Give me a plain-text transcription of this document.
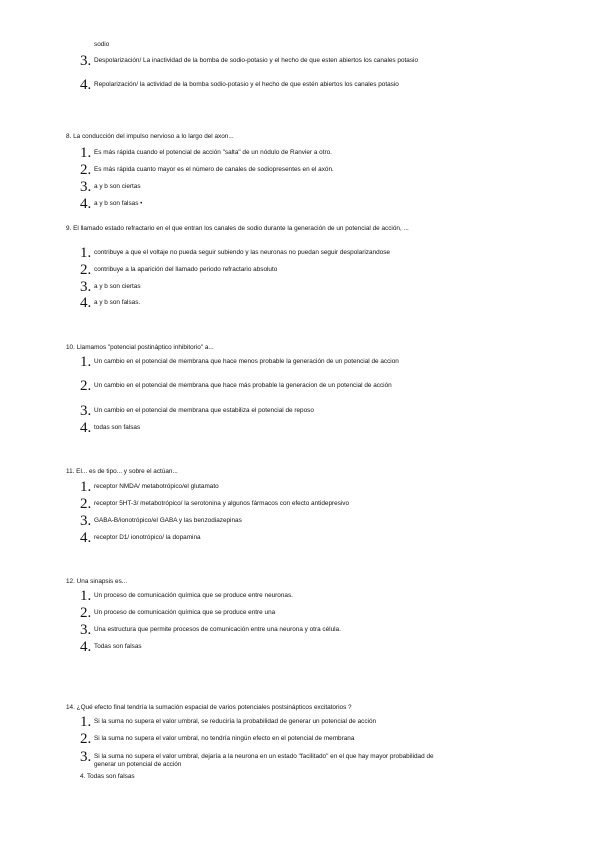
sodio
3. Despolarización/ La inactividad de la bomba de sodio-potasio y el hecho de que esten abiertos los canales potasio
4. Repolarización/ la actividad de la bomba sodio-potasio y el hecho de que estén abiertos los canales potasio
8. La conducción del impulso nervioso a lo largo del axon...
1. Es más rápida cuando el potencial de acción "salta" de un nódulo de Ranvier a otro.
2. Es más rápida cuanto mayor es el número de canales de sodiopresentes en el axón.
3. a y b son ciertas
4. a y b son falsas •
9. El llamado estado refractario en el que entran los canales de sodio durante la generación de un potencial de acción, ...
1. contribuye a que el voltaje no pueda seguir subiendo y las neuronas no puedan seguir despolarizandose
2. contribuye a la aparición del llamado periodo refractario absoluto
3. a y b son ciertas
4. a y b son falsas.
10. Llamamos "potencial postináptico inhibitorio" a...
1. Un cambio en el potencial de membrana que hace menos probable la generación de un potencial de accion
2. Un cambio en el potencial de membrana que hace más probable la generacion de un potencial de acción
3. Un cambio en el potencial de membrana que estabiliza el potencial de reposo
4. todas son falsas
11. El... es de tipo... y sobre el actúan...
1. receptor NMDA/ metabotrópico/el glutamato
2. receptor 5HT-3/ metabotrópico/ la serotonina y algunos fármacos con efecto antidepresivo
3. GABA-B/ionotrópico/el GABA y las benzodiazepinas
4. receptor D1/ ionotrópico/ la dopamina
12. Una sinapsis es...
1. Un proceso de comunicación química que se produce entre neuronas.
2. Un proceso de comunicación química que se produce entre una
3. Una estructura que permite procesos de comunicación entre una neurona y otra célula.
4. Todas son falsas
14. ¿Qué efecto final tendría la sumación espacial de varios potenciales postsinápticos excitatorios ?
1. Si la suma no supera el valor umbral, se reduciría la probabilidad de generar un potencial de acción
2. Si la suma no supera el valor umbral, no tendría ningún efecto en el potencial de membrana
3. Si la suma no supera el valor umbral, dejaría a la neurona en un estado "facilitado" en el que hay mayor probabilidad de generar un potencial de acción
4. Todas son falsas
